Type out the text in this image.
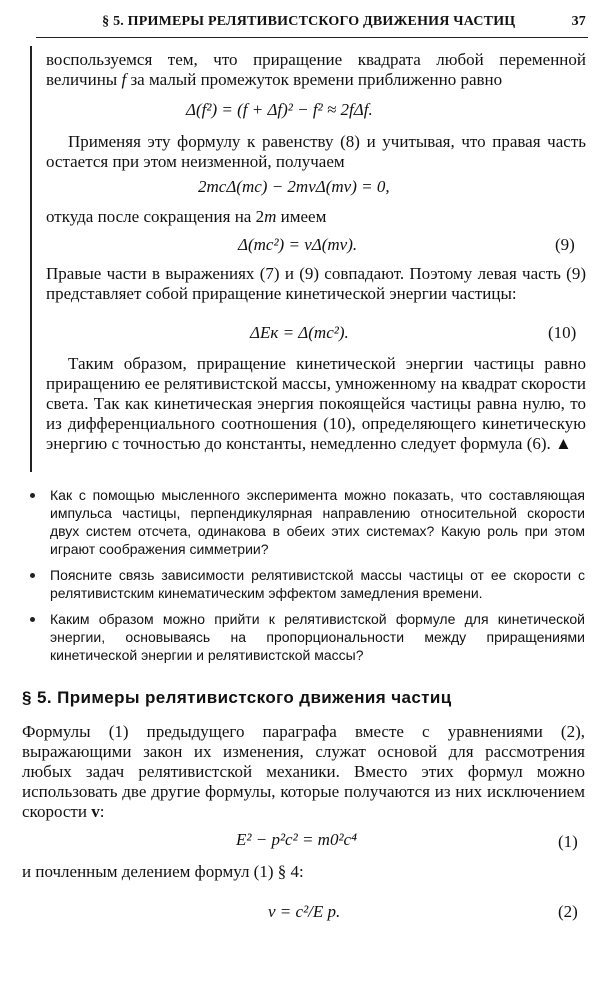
§ 5. ПРИМЕРЫ РЕЛЯТИВИСТСКОГО ДВИЖЕНИЯ ЧАСТИЦ	37
воспользуемся тем, что приращение квадрата любой переменной величины f за малый промежуток времени приближенно равно
Δ(f²) = (f + Δf)² − f² ≈ 2fΔf.
Применяя эту формулу к равенству (8) и учитывая, что правая часть остается при этом неизменной, получаем
2mcΔ(mc) − 2mvΔ(mv) = 0,
откуда после сокращения на 2m имеем
Δ(mc²) = vΔ(mv).	(9)
Правые части в выражениях (7) и (9) совпадают. Поэтому левая часть (9) представляет собой приращение кинетической энергии частицы:
ΔEк = Δ(mc²).	(10)
Таким образом, приращение кинетической энергии частицы равно приращению ее релятивистской массы, умноженному на квадрат скорости света. Так как кинетическая энергия покоящейся частицы равна нулю, то из дифференциального соотношения (10), определяющего кинетическую энергию с точностью до константы, немедленно следует формула (6). ▲
Как с помощью мысленного эксперимента можно показать, что составляющая импульса частицы, перпендикулярная направлению относительной скорости двух систем отсчета, одинакова в обеих этих системах? Какую роль при этом играют соображения симметрии?
Поясните связь зависимости релятивистской массы частицы от ее скорости с релятивистским кинематическим эффектом замедления времени.
Каким образом можно прийти к релятивистской формуле для кинетической энергии, основываясь на пропорциональности между приращениями кинетической энергии и релятивистской массы?
§ 5. Примеры релятивистского движения частиц
Формулы (1) предыдущего параграфа вместе с уравнениями (2), выражающими закон их изменения, служат основой для рассмотрения любых задач релятивистской механики. Вместо этих формул можно использовать две другие формулы, которые получаются из них исключением скорости v:
E² − p²c² = m0²c⁴	(1)
и почленным делением формул (1) § 4:
v = c²/E p.	(2)
